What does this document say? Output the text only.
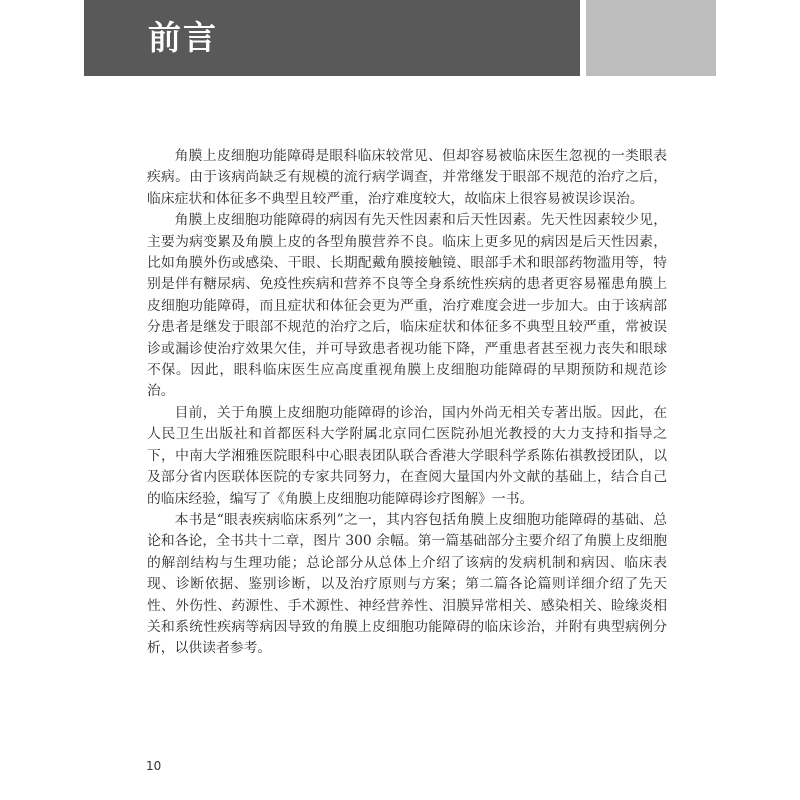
前言

角膜上皮细胞功能障碍是眼科临床较常见、但却容易被临床医生忽视的一类眼表疾病。由于该病尚缺乏有规模的流行病学调查，并常继发于眼部不规范的治疗之后，临床症状和体征多不典型且较严重，治疗难度较大，故临床上很容易被误诊误治。

角膜上皮细胞功能障碍的病因有先天性因素和后天性因素。先天性因素较少见，主要为病变累及角膜上皮的各型角膜营养不良。临床上更多见的病因是后天性因素，比如角膜外伤或感染、干眼、长期配戴角膜接触镜、眼部手术和眼部药物滥用等，特别是伴有糖尿病、免疫性疾病和营养不良等全身系统性疾病的患者更容易罹患角膜上皮细胞功能障碍，而且症状和体征会更为严重，治疗难度会进一步加大。由于该病部分患者是继发于眼部不规范的治疗之后，临床症状和体征多不典型且较严重，常被误诊或漏诊使治疗效果欠佳，并可导致患者视功能下降，严重患者甚至视力丧失和眼球不保。因此，眼科临床医生应高度重视角膜上皮细胞功能障碍的早期预防和规范诊治。

目前，关于角膜上皮细胞功能障碍的诊治，国内外尚无相关专著出版。因此，在人民卫生出版社和首都医科大学附属北京同仁医院孙旭光教授的大力支持和指导之下，中南大学湘雅医院眼科中心眼表团队联合香港大学眼科学系陈佑祺教授团队，以及部分省内医联体医院的专家共同努力，在查阅大量国内外文献的基础上，结合自己的临床经验，编写了《角膜上皮细胞功能障碍诊疗图解》一书。

本书是“眼表疾病临床系列”之一，其内容包括角膜上皮细胞功能障碍的基础、总论和各论，全书共十二章，图片 300 余幅。第一篇基础部分主要介绍了角膜上皮细胞的解剖结构与生理功能；总论部分从总体上介绍了该病的发病机制和病因、临床表现、诊断依据、鉴别诊断，以及治疗原则与方案；第二篇各论篇则详细介绍了先天性、外伤性、药源性、手术源性、神经营养性、泪膜异常相关、感染相关、睑缘炎相关和系统性疾病等病因导致的角膜上皮细胞功能障碍的临床诊治，并附有典型病例分析，以供读者参考。

10
